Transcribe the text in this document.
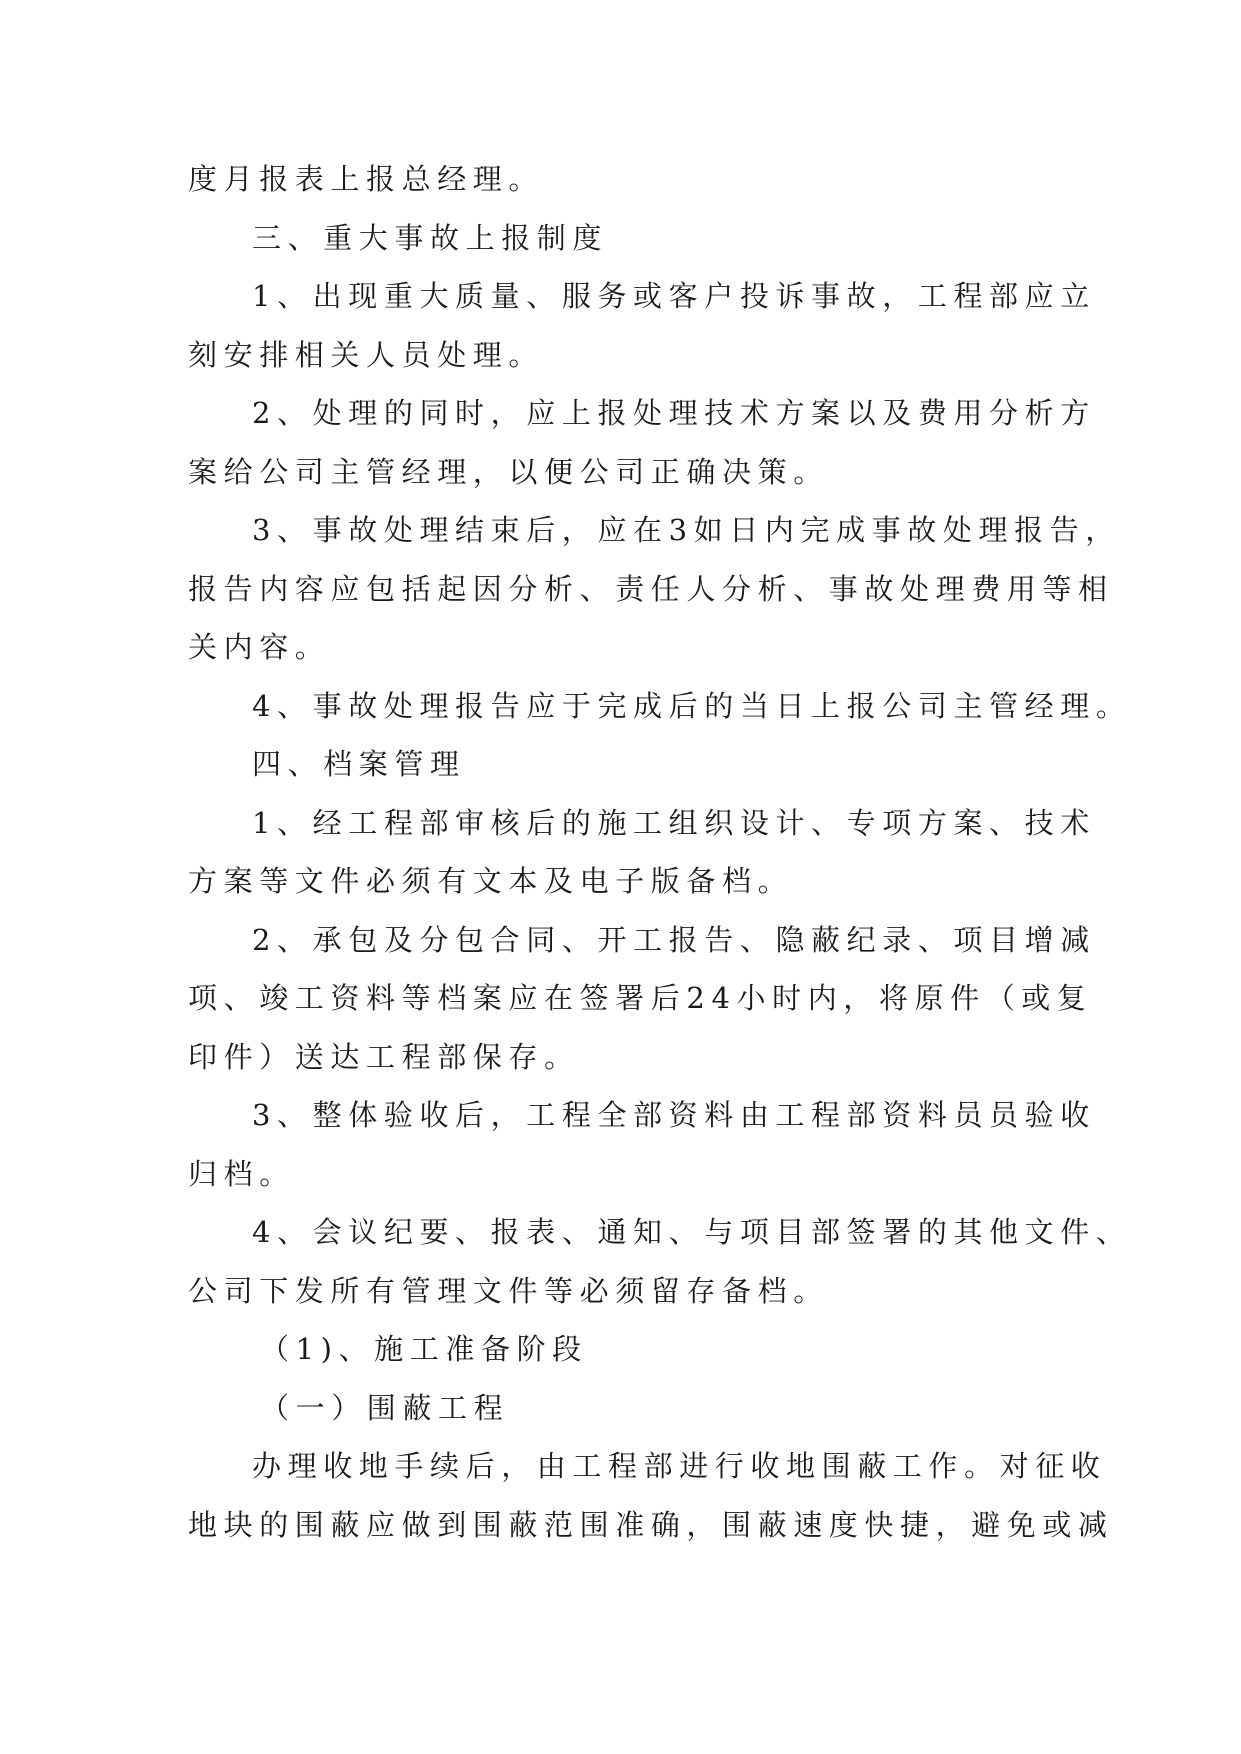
度月报表上报总经理。
三、重大事故上报制度
1、出现重大质量、服务或客户投诉事故，工程部应立
刻安排相关人员处理。
2、处理的同时，应上报处理技术方案以及费用分析方
案给公司主管经理，以便公司正确决策。
3、事故处理结束后，应在3如日内完成事故处理报告，
报告内容应包括起因分析、责任人分析、事故处理费用等相
关内容。
4、事故处理报告应于完成后的当日上报公司主管经理。
四、档案管理
1、经工程部审核后的施工组织设计、专项方案、技术
方案等文件必须有文本及电子版备档。
2、承包及分包合同、开工报告、隐蔽纪录、项目增减
项、竣工资料等档案应在签署后24小时内，将原件（或复
印件）送达工程部保存。
3、整体验收后，工程全部资料由工程部资料员员验收
归档。
4、会议纪要、报表、通知、与项目部签署的其他文件、
公司下发所有管理文件等必须留存备档。
（1)、施工准备阶段
（一）围蔽工程
办理收地手续后，由工程部进行收地围蔽工作。对征收
地块的围蔽应做到围蔽范围准确，围蔽速度快捷，避免或减
